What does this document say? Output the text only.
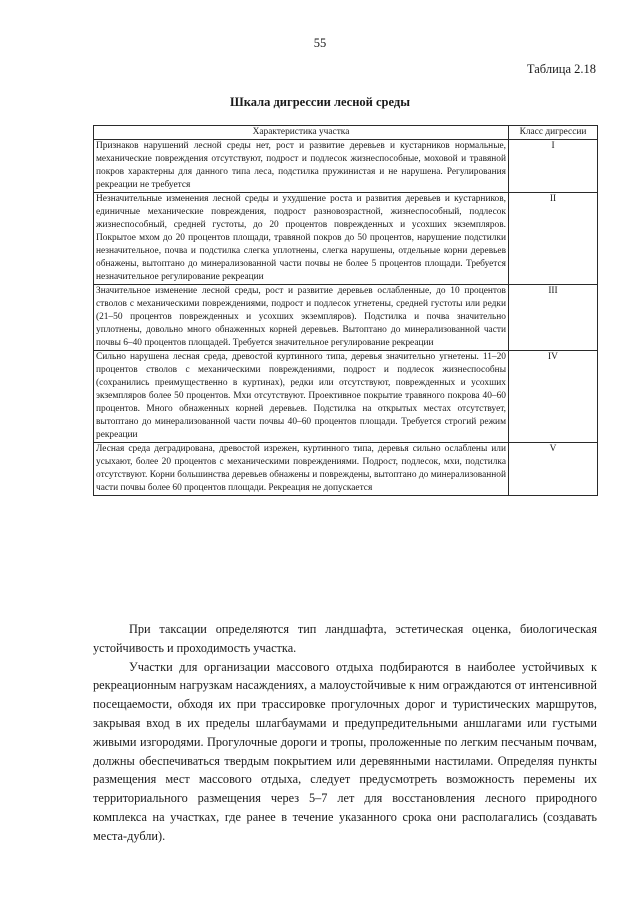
55
Таблица 2.18
Шкала дигрессии лесной среды
Характеристика участка	Класс дигрессии
Признаков нарушений лесной среды нет, рост и развитие деревьев и кустарников нормальные, механические повреждения отсутствуют, подрост и подлесок жизнеспособные, моховой и травяной покров характерны для данного типа леса, подстилка пружинистая и не нарушена. Регулирования рекреации не требуется	I
Незначительные изменения лесной среды и ухудшение роста и развития деревьев и кустарников, единичные механические повреждения, подрост разновозрастной, жизнеспособный, подлесок жизнеспособный, средней густоты, до 20 процентов поврежденных и усохших экземпляров. Покрытое мхом до 20 процентов площади, травяной покров до 50 процентов, нарушение подстилки незначительное, почва и подстилка слегка уплотнены, слегка нарушены, отдельные корни деревьев обнажены, вытоптано до минерализованной части почвы не более 5 процентов площади. Требуется незначительное регулирование рекреации	II
Значительное изменение лесной среды, рост и развитие деревьев ослабленные, до 10 процентов стволов с механическими повреждениями, подрост и подлесок угнетены, средней густоты или редки (21–50 процентов поврежденных и усохших экземпляров). Подстилка и почва значительно уплотнены, довольно много обнаженных корней деревьев. Вытоптано до минерализованной части почвы 6–40 процентов площадей. Требуется значительное регулирование рекреации	III
Сильно нарушена лесная среда, древостой куртинного типа, деревья значительно угнетены. 11–20 процентов стволов с механическими повреждениями, подрост и подлесок жизнеспособны (сохранились преимущественно в куртинах), редки или отсутствуют, поврежденных и усохших экземпляров более 50 процентов. Мхи отсутствуют. Проективное покрытие травяного покрова 40–60 процентов. Много обнаженных корней деревьев. Подстилка на открытых местах отсутствует, вытоптано до минерализованной части почвы 40–60 процентов площади. Требуется строгий режим рекреации	IV
Лесная среда деградирована, древостой изрежен, куртинного типа, деревья сильно ослаблены или усыхают, более 20 процентов с механическими повреждениями. Подрост, подлесок, мхи, подстилка отсутствуют. Корни большинства деревьев обнажены и повреждены, вытоптано до минерализованной части почвы более 60 процентов площади. Рекреация не допускается	V

При таксации определяются тип ландшафта, эстетическая оценка, биологическая устойчивость и проходимость участка.

Участки для организации массового отдыха подбираются в наиболее устойчивых к рекреационным нагрузкам насаждениях, а малоустойчивые к ним ограждаются от интенсивной посещаемости, обходя их при трассировке прогулочных дорог и туристических маршрутов, закрывая вход в их пределы шлагбаумами и предупредительными аншлагами или густыми живыми изгородями. Прогулочные дороги и тропы, проложенные по легким песчаным почвам, должны обеспечиваться твердым покрытием или деревянными настилами. Определяя пункты размещения мест массового отдыха, следует предусмотреть возможность перемены их территориального размещения через 5–7 лет для восстановления лесного природного комплекса на участках, где ранее в течение указанного срока они располагались (создавать места-дубли).
